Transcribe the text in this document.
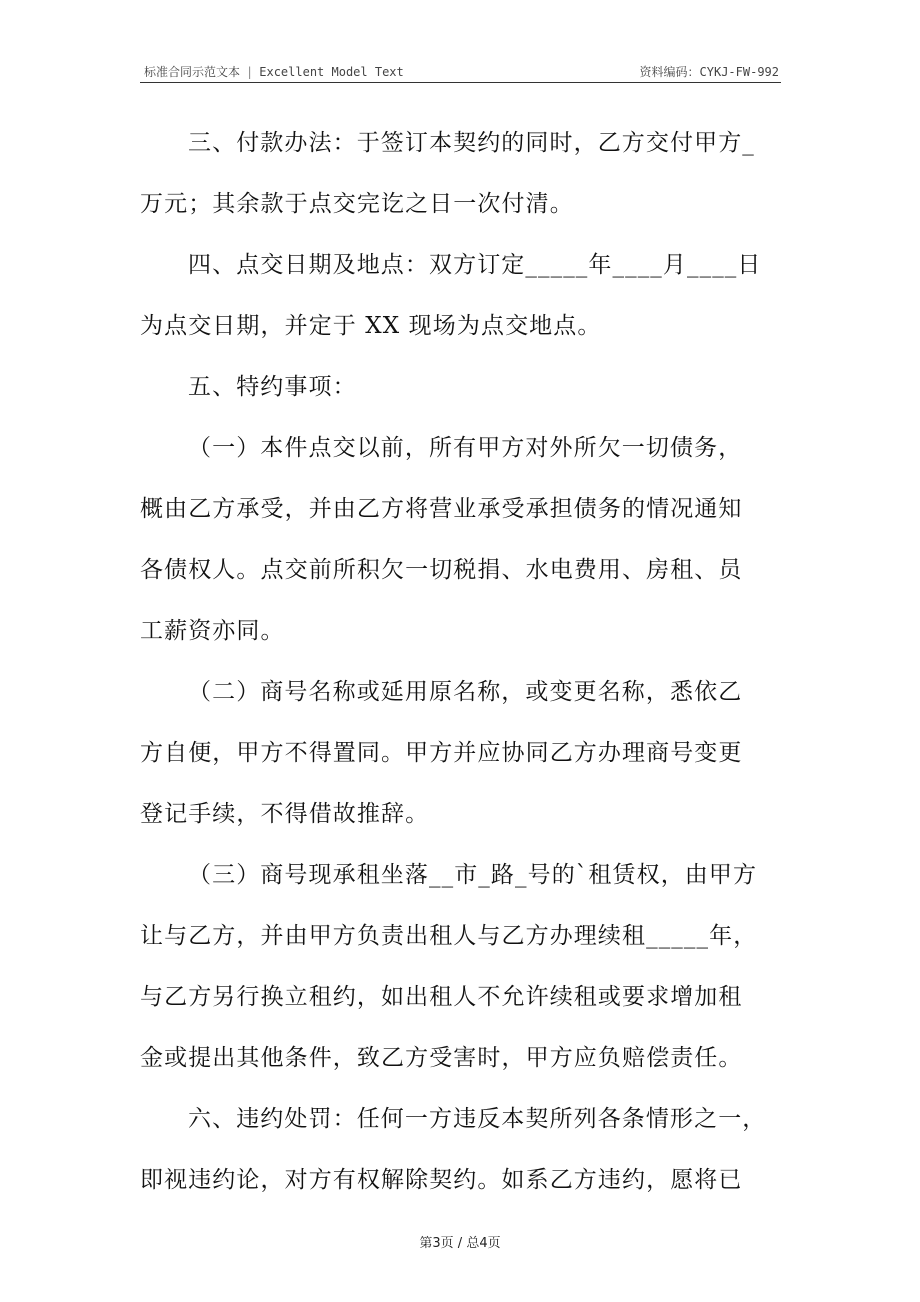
标准合同示范文本 | Excellent Model Text	资料编码：CYKJ-FW-992

三、付款办法：于签订本契约的同时，乙方交付甲方_

万元；其余款于点交完讫之日一次付清。

四、点交日期及地点：双方订定_____年____月____日

为点交日期，并定于 XX 现场为点交地点。

五、特约事项：

（一）本件点交以前，所有甲方对外所欠一切债务，

概由乙方承受，并由乙方将营业承受承担债务的情况通知

各债权人。点交前所积欠一切税捐、水电费用、房租、员

工薪资亦同。

（二）商号名称或延用原名称，或变更名称，悉依乙

方自便，甲方不得置同。甲方并应协同乙方办理商号变更

登记手续，不得借故推辞。

（三）商号现承租坐落__市_路_号的`租赁权，由甲方

让与乙方，并由甲方负责出租人与乙方办理续租_____年，

与乙方另行换立租约，如出租人不允许续租或要求增加租

金或提出其他条件，致乙方受害时，甲方应负赔偿责任。

六、违约处罚：任何一方违反本契所列各条情形之一，

即视违约论，对方有权解除契约。如系乙方违约，愿将已

第3页 / 总4页
